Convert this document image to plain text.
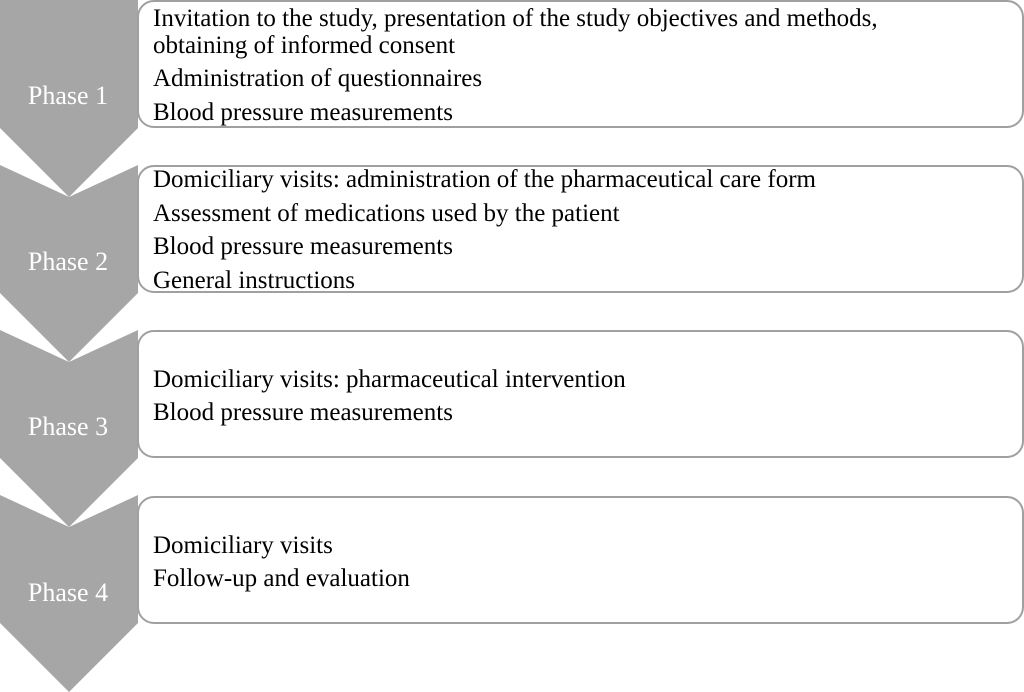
Phase 1
Invitation to the study, presentation of the study objectives and methods,
obtaining of informed consent
Administration of questionnaires
Blood pressure measurements
Phase 2
Domiciliary visits: administration of the pharmaceutical care form
Assessment of medications used by the patient
Blood pressure measurements
General instructions
Phase 3
Domiciliary visits: pharmaceutical intervention
Blood pressure measurements
Phase 4
Domiciliary visits
Follow-up and evaluation
